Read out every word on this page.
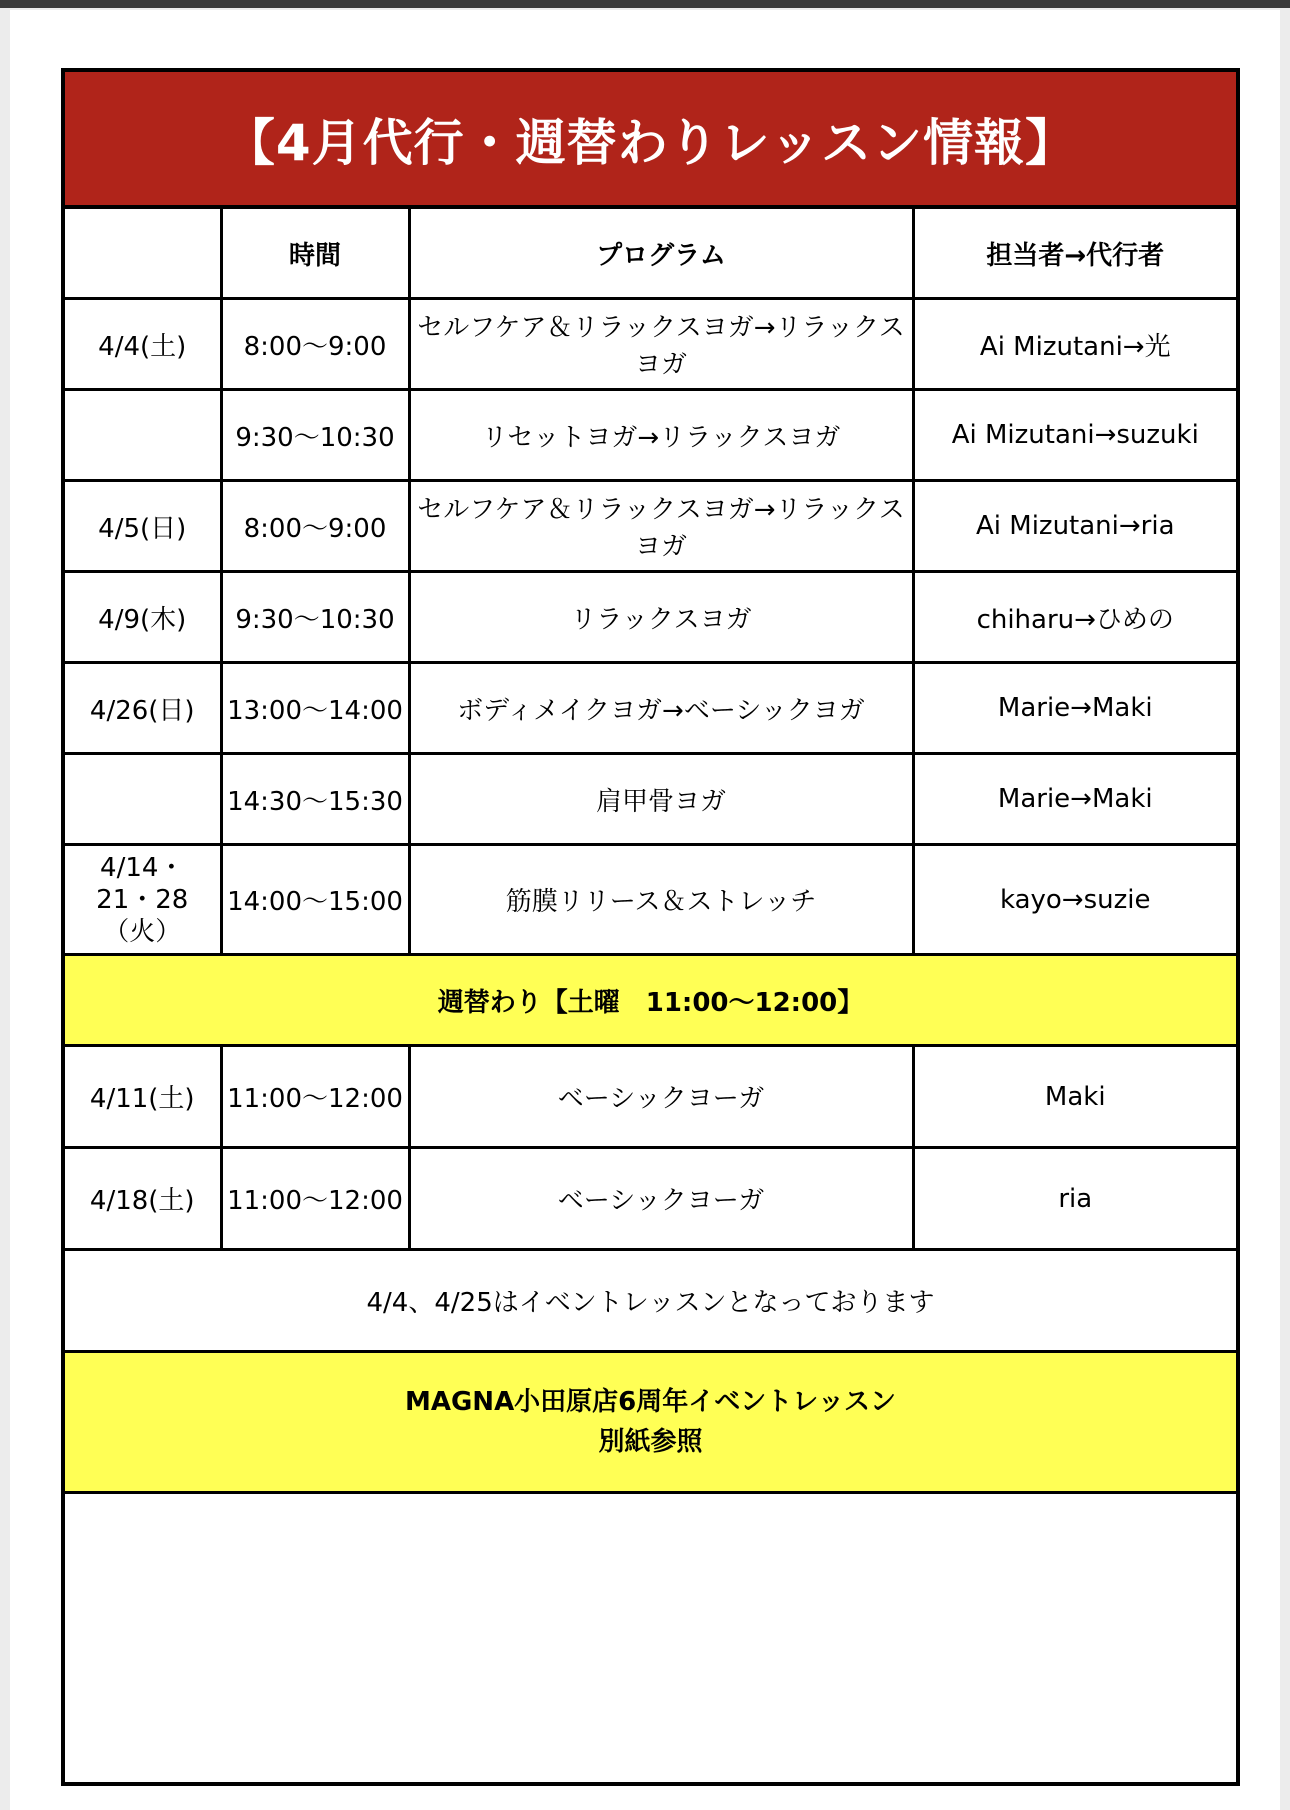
【4月代行・週替わりレッスン情報】
	時間	プログラム	担当者→代行者
4/4(土)	8:00～9:00	セルフケア＆リラックスヨガ→リラックスヨガ	Ai Mizutani→光
	9:30～10:30	リセットヨガ→リラックスヨガ	Ai Mizutani→suzuki
4/5(日)	8:00～9:00	セルフケア＆リラックスヨガ→リラックスヨガ	Ai Mizutani→ria
4/9(木)	9:30～10:30	リラックスヨガ	chiharu→ひめの
4/26(日)	13:00～14:00	ボディメイクヨガ→ベーシックヨガ	Marie→Maki
	14:30～15:30	肩甲骨ヨガ	Marie→Maki

4/14・
21・28
（火）	14:00～15:00	筋膜リリース＆ストレッチ	kayo→suzie
週替わり【土曜　11:00～12:00】			
4/11(土)	11:00～12:00	ベーシックヨーガ	Maki
4/18(土)	11:00～12:00	ベーシックヨーガ	ria
4/4、4/25はイベントレッスンとなっております			

MAGNA小田原店6周年イベントレッスン
別紙参照			
